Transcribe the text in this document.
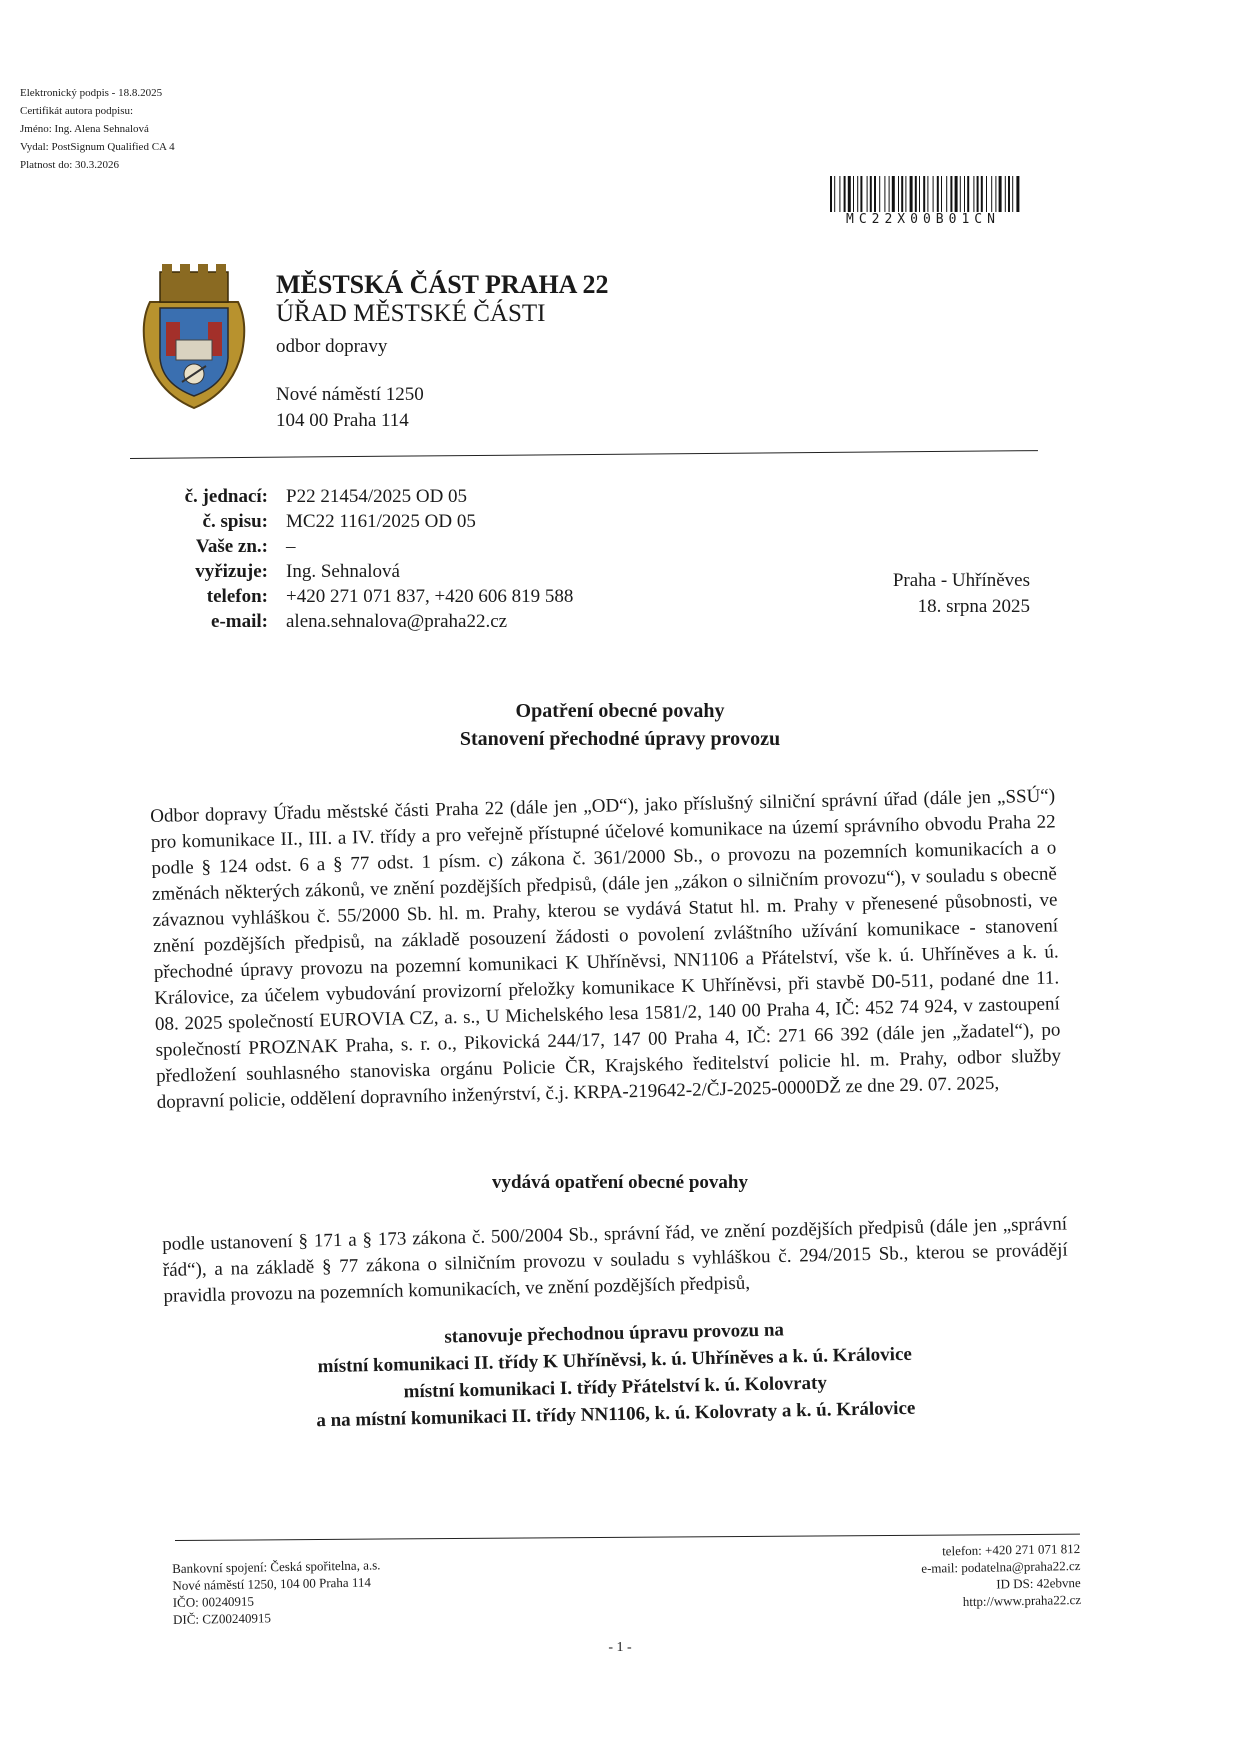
Elektronický podpis - 18.8.2025
Certifikát autora podpisu:
Jméno: Ing. Alena Sehnalová
Vydal: PostSignum Qualified CA 4
Platnost do: 30.3.2026
MC22X00B01CN
MĚSTSKÁ ČÁST PRAHA 22
ÚŘAD MĚSTSKÉ ČÁSTI
odbor dopravy
Nové náměstí 1250
104 00 Praha 114
č. jednací: P22 21454/2025 OD 05
č. spisu: MC22 1161/2025 OD 05
Vaše zn.: –
vyřizuje: Ing. Sehnalová
telefon: +420 271 071 837, +420 606 819 588
e-mail: alena.sehnalova@praha22.cz
Praha - Uhříněves
18. srpna 2025
Opatření obecné povahy
Stanovení přechodné úpravy provozu
Odbor dopravy Úřadu městské části Praha 22 (dále jen „OD“), jako příslušný silniční správní úřad (dále jen „SSÚ“) pro komunikace II., III. a IV. třídy a pro veřejně přístupné účelové komunikace na území správního obvodu Praha 22 podle § 124 odst. 6 a § 77 odst. 1 písm. c) zákona č. 361/2000 Sb., o provozu na pozemních komunikacích a o změnách některých zákonů, ve znění pozdějších předpisů, (dále jen „zákon o silničním provozu“), v souladu s obecně závaznou vyhláškou č. 55/2000 Sb. hl. m. Prahy, kterou se vydává Statut hl. m. Prahy v přenesené působnosti, ve znění pozdějších předpisů, na základě posouzení žádosti o povolení zvláštního užívání komunikace - stanovení přechodné úpravy provozu na pozemní komunikaci K Uhříněvsi, NN1106 a Přátelství, vše k. ú. Uhříněves a k. ú. Královice, za účelem vybudování provizorní přeložky komunikace K Uhříněvsi, při stavbě D0-511, podané dne 11. 08. 2025 společností EUROVIA CZ, a. s., U Michelského lesa 1581/2, 140 00 Praha 4, IČ: 452 74 924, v zastoupení společností PROZNAK Praha, s. r. o., Pikovická 244/17, 147 00 Praha 4, IČ: 271 66 392 (dále jen „žadatel“), po předložení souhlasného stanoviska orgánu Policie ČR, Krajského ředitelství policie hl. m. Prahy, odbor služby dopravní policie, oddělení dopravního inženýrství, č.j. KRPA-219642-2/ČJ-2025-0000DŽ ze dne 29. 07. 2025,
vydává opatření obecné povahy
podle ustanovení § 171 a § 173 zákona č. 500/2004 Sb., správní řád, ve znění pozdějších předpisů (dále jen „správní řád“), a na základě § 77 zákona o silničním provozu v souladu s vyhláškou č. 294/2015 Sb., kterou se provádějí pravidla provozu na pozemních komunikacích, ve znění pozdějších předpisů,
stanovuje přechodnou úpravu provozu na
místní komunikaci II. třídy K Uhříněvsi, k. ú. Uhříněves a k. ú. Královice
místní komunikaci I. třídy Přátelství k. ú. Kolovraty
a na místní komunikaci II. třídy NN1106, k. ú. Kolovraty a k. ú. Královice
Bankovní spojení: Česká spořitelna, a.s.
Nové náměstí 1250, 104 00 Praha 114
IČO: 00240915
DIČ: CZ00240915
telefon: +420 271 071 812
e-mail: podatelna@praha22.cz
ID DS: 42ebvne
http://www.praha22.cz
- 1 -
